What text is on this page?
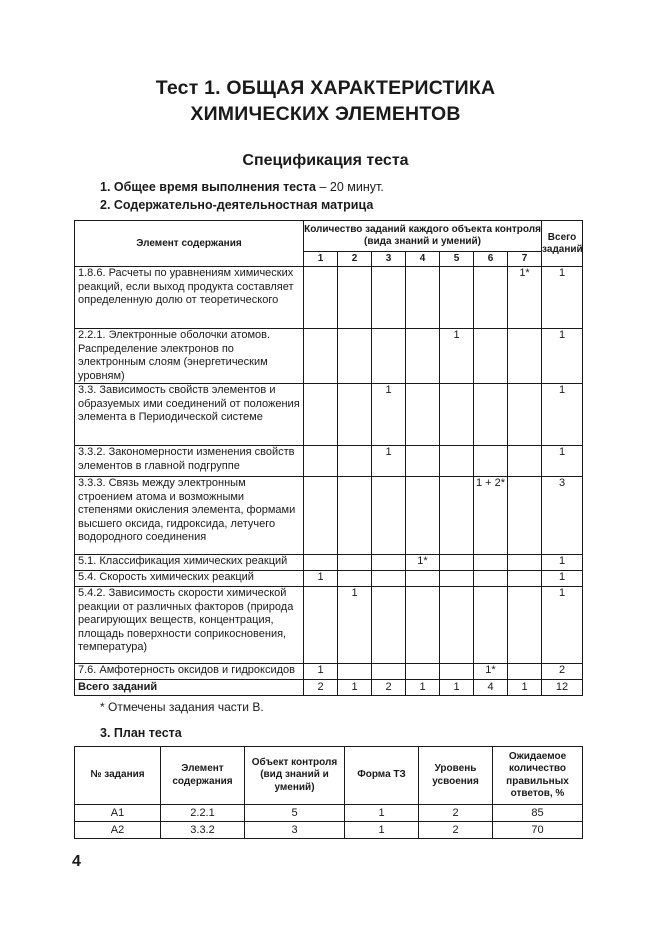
Тест 1. ОБЩАЯ ХАРАКТЕРИСТИКА
ХИМИЧЕСКИХ ЭЛЕМЕНТОВ
Спецификация теста
1. Общее время выполнения теста – 20 минут.
2. Содержательно-деятельностная матрица
Элемент содержания	Количество заданий каждого объекта контроля (вида знаний и умений)							Всего заданий
	1	2	3	4	5	6	7	
1.8.6. Расчеты по уравнениям химических реакций, если выход продукта составляет определенную долю от теоретического							1*	1
2.2.1. Электронные оболочки атомов. Распределение электронов по электронным слоям (энергетическим уровням)					1			1
3.3. Зависимость свойств элементов и образуемых ими соединений от положения элемента в Периодической системе			1					1
3.3.2. Закономерности изменения свойств элементов в главной подгруппе			1					1
3.3.3. Связь между электронным строением атома и возможными степенями окисления элемента, формами высшего оксида, гидроксида, летучего водородного соединения						1 + 2*		3
5.1. Классификация химических реакций				1*				1
5.4. Скорость химических реакций	1							1
5.4.2. Зависимость скорости химической реакции от различных факторов (природа реагирующих веществ, концентрация, площадь поверхности соприкосновения, температура)		1						1
7.6. Амфотерность оксидов и гидроксидов	1					1*		2
Всего заданий	2	1	2	1	1	4	1	12
* Отмечены задания части В.
3. План теста
№ задания	Элемент содержания	Объект контроля (вид знаний и умений)	Форма ТЗ	Уровень усвоения	Ожидаемое количество правильных ответов, %
А1	2.2.1	5	1	2	85
А2	3.3.2	3	1	2	70
4
